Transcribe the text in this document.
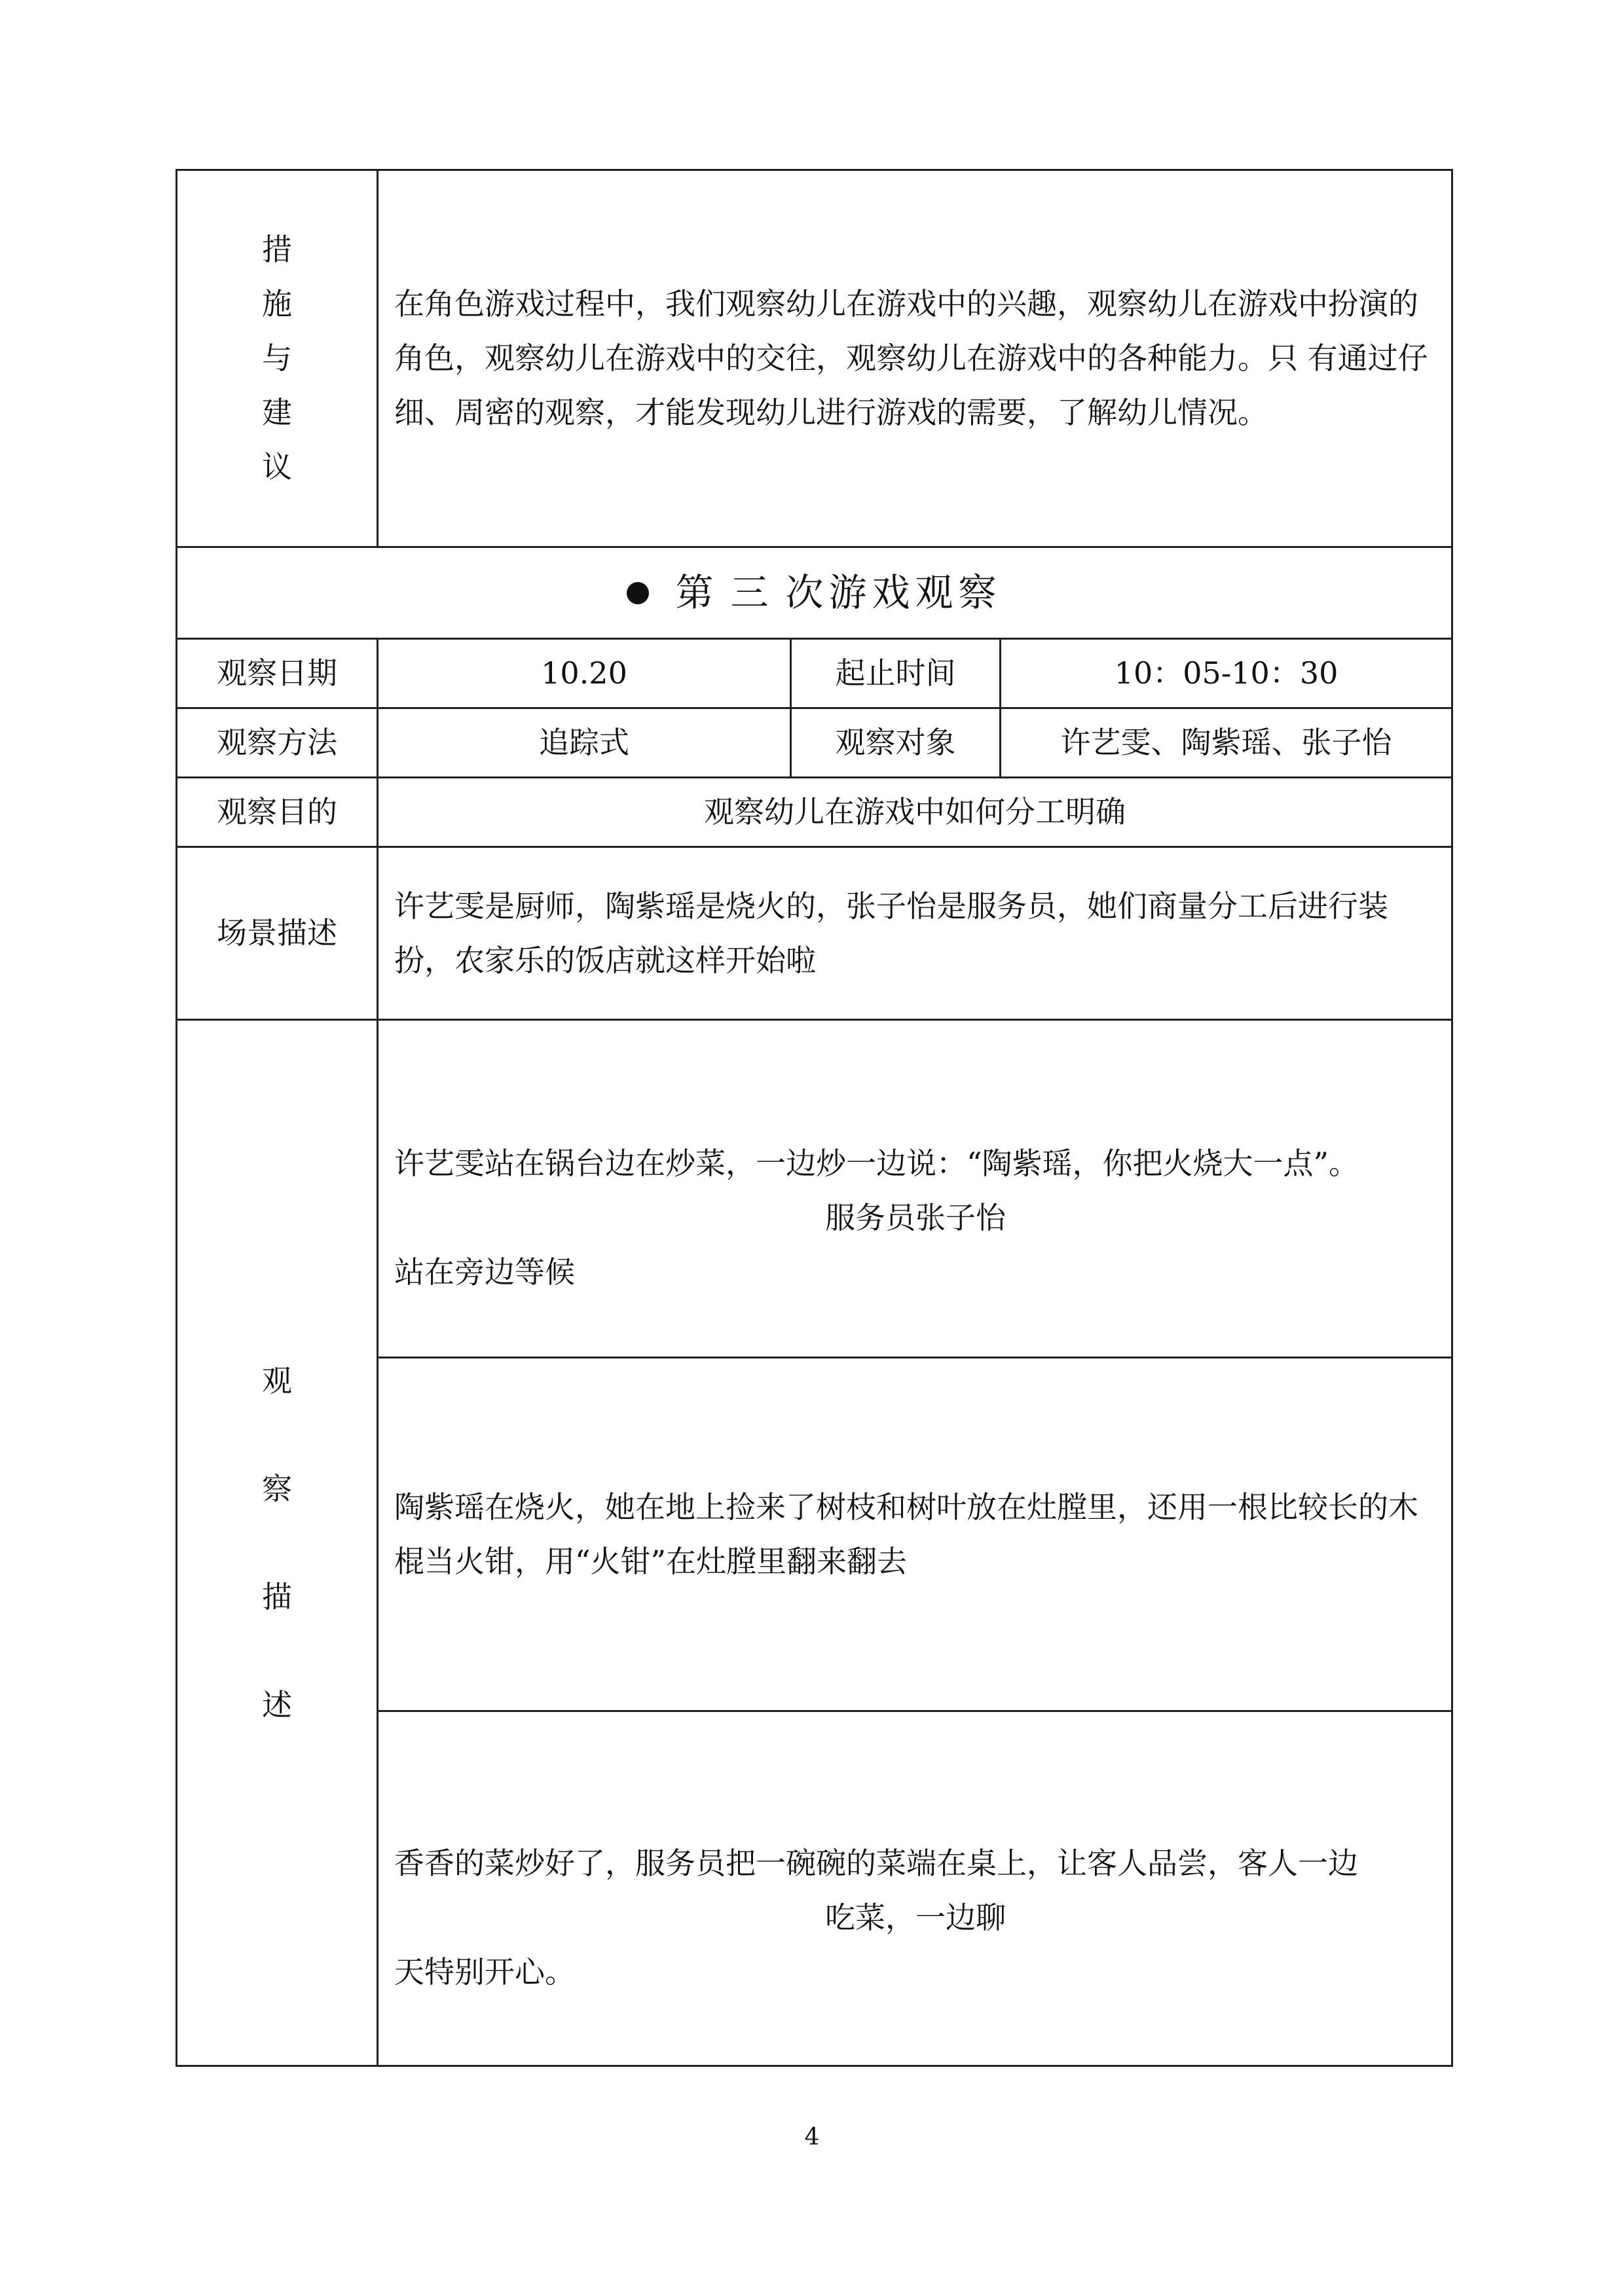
措
施
与
建
议	在角色游戏过程中，我们观察幼儿在游戏中的兴趣，观察幼儿在游戏中扮演的角色，观察幼儿在游戏中的交往，观察幼儿在游戏中的各种能力。只 有通过仔细、周密的观察，才能发现幼儿进行游戏的需要，了解幼儿情况。		
第三次游戏观察			
观察日期	10.20	起止时间	10：05-10：30
观察方法	追踪式	观察对象	许艺雯、陶紫瑶、张子怡
观察目的	观察幼儿在游戏中如何分工明确		
场景描述	许艺雯是厨师，陶紫瑶是烧火的，张子怡是服务员，她们商量分工后进行装扮，农家乐的饭店就这样开始啦		

观
察
描
述	许艺雯站在锅台边在炒菜，一边炒一边说：“陶紫瑶，你把火烧大一点”。
服务员张子怡
站在旁边等候		
	陶紫瑶在烧火，她在地上捡来了树枝和树叶放在灶膛里，还用一根比较长的木棍当火钳，用“火钳”在灶膛里翻来翻去		

香香的菜炒好了，服务员把一碗碗的菜端在桌上，让客人品尝，客人一边
吃菜，一边聊
天特别开心。		
4
